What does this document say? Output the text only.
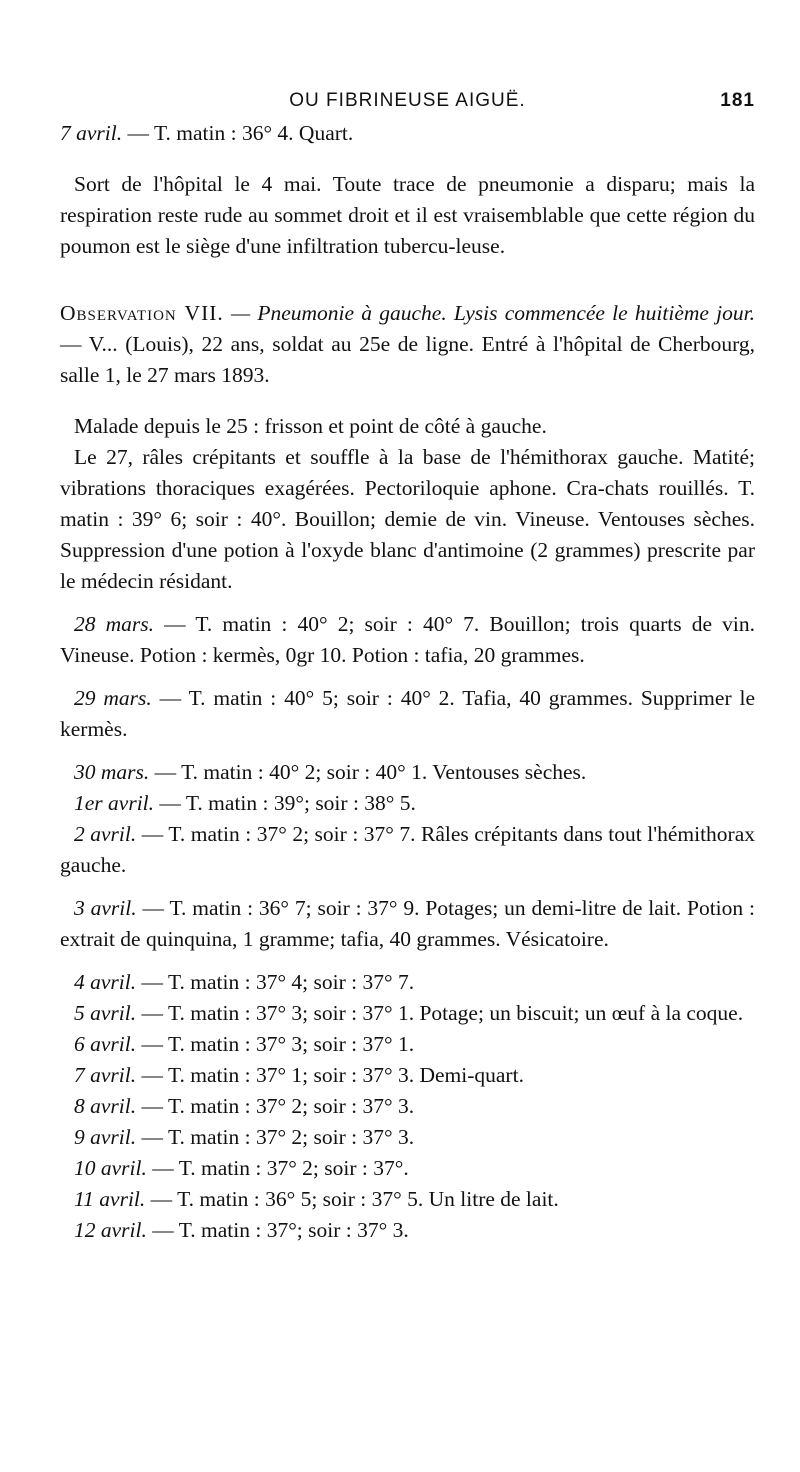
OU FIBRINEUSE AIGUË.	181

7 avril. — T. matin : 36° 4. Quart.

Sort de l'hôpital le 4 mai. Toute trace de pneumonie a disparu; mais la respiration reste rude au sommet droit et il est vraisemblable que cette région du poumon est le siège d'une infiltration tubercu-leuse.

Observation VII. — Pneumonie à gauche. Lysis commencée le huitième jour. — V... (Louis), 22 ans, soldat au 25e de ligne. Entré à l'hôpital de Cherbourg, salle 1, le 27 mars 1893.

Malade depuis le 25 : frisson et point de côté à gauche.

Le 27, râles crépitants et souffle à la base de l'hémithorax gauche. Matité; vibrations thoraciques exagérées. Pectoriloquie aphone. Cra-chats rouillés. T. matin : 39° 6; soir : 40°. Bouillon; demie de vin. Vineuse. Ventouses sèches. Suppression d'une potion à l'oxyde blanc d'antimoine (2 grammes) prescrite par le médecin résidant.

28 mars. — T. matin : 40° 2; soir : 40° 7. Bouillon; trois quarts de vin. Vineuse. Potion : kermès, 0gr 10. Potion : tafia, 20 grammes.

29 mars. — T. matin : 40° 5; soir : 40° 2. Tafia, 40 grammes. Supprimer le kermès.

30 mars. — T. matin : 40° 2; soir : 40° 1. Ventouses sèches.

1er avril. — T. matin : 39°; soir : 38° 5.

2 avril. — T. matin : 37° 2; soir : 37° 7. Râles crépitants dans tout l'hémithorax gauche.

3 avril. — T. matin : 36° 7; soir : 37° 9. Potages; un demi-litre de lait. Potion : extrait de quinquina, 1 gramme; tafia, 40 grammes. Vésicatoire.

4 avril. — T. matin : 37° 4; soir : 37° 7.

5 avril. — T. matin : 37° 3; soir : 37° 1. Potage; un biscuit; un œuf à la coque.

6 avril. — T. matin : 37° 3; soir : 37° 1.

7 avril. — T. matin : 37° 1; soir : 37° 3. Demi-quart.

8 avril. — T. matin : 37° 2; soir : 37° 3.

9 avril. — T. matin : 37° 2; soir : 37° 3.

10 avril. — T. matin : 37° 2; soir : 37°.

11 avril. — T. matin : 36° 5; soir : 37° 5. Un litre de lait.

12 avril. — T. matin : 37°; soir : 37° 3.
